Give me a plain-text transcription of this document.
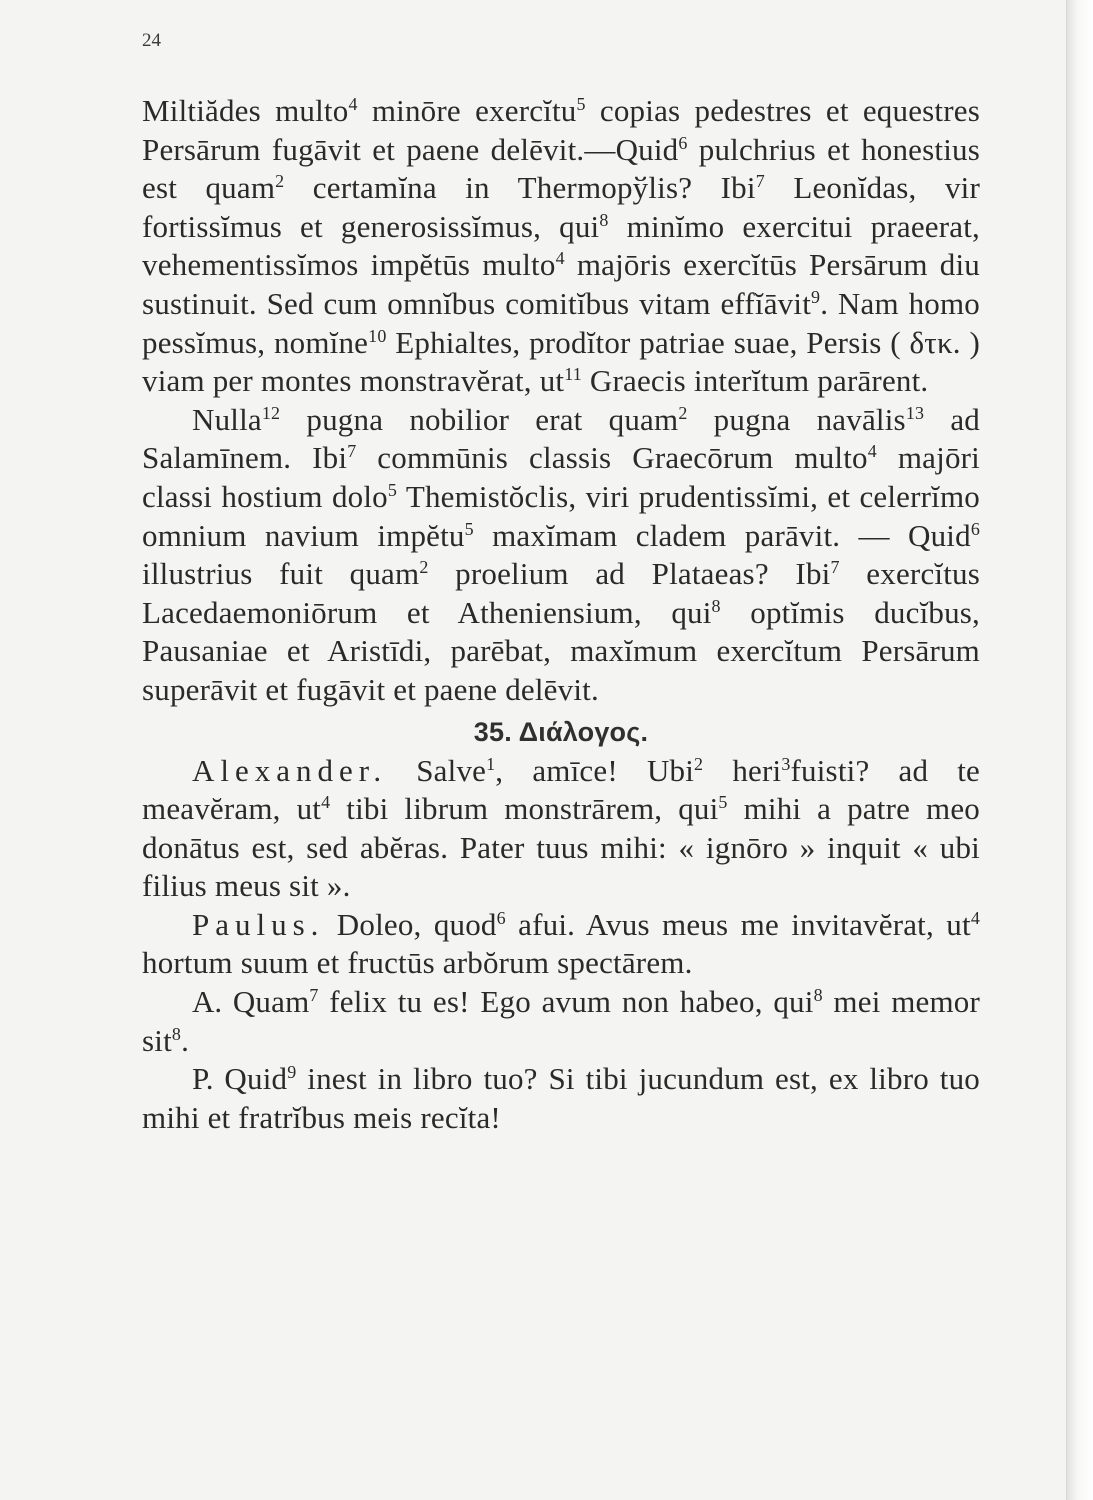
24

Miltiădes multo$^4$ minōre exercĭtu$^5$ copias pedestres et equestres Persārum fugāvit et paene delēvit.—Quid$^6$ pulchrius et honestius est quam$^2$ certamĭna in Thermopўlis? Ibi$^7$ Leonĭdas, vir fortissĭmus et generosissĭmus, qui$^8$ minĭmo exercitui praeerat, vehementissĭmos impĕtūs multo$^4$ majōris exercĭtūs Persārum diu sustinuit. Sed cum omnĭbus comitĭbus vitam effĭāvit$^9$. Nam homo pessĭmus, nomĭne$^{10}$ Ephialtes, prodĭtor patriae suae, Persis ( δτκ. ) viam per montes monstravĕrat, $ut^{11}$ Graecis interĭtum parārent.

Nulla$^{12}$ pugna nobilior erat quam$^2$ pugna navālis$^{13}$ ad Salamīnem. Ibi$^7$ commūnis classis Graecōrum multo$^4$ majōri classi hostium dolo$^5$ Themistŏclis, viri prudentissĭmi, et celerrĭmo omnium navium impĕtu$^5$ maxĭmam cladem parāvit. — Quid$^6$ illustrius fuit quam$^2$ proelium ad Plataeas? Ibi$^7$ exercĭtus Lacedaemoniōrum et Atheniensium, qui$^8$ optĭmis ducĭbus, Pausaniae et Aristīdi, parēbat, maxĭmum exercĭtum Persārum superāvit et fugāvit et paene delēvit.

35. Διάλογος.

Alexander. Salve$^1$, amīce! Ubi$^2$ heri$^3$fuisti? ad te meavĕram, $ut^4$ tibi librum monstrārem, qui$^5$ mihi a patre meo donātus est, sed abĕras. Pater tuus mihi: « ignōro » inquit « ubi filius meus sit ».

Paulus. Doleo, quod$^6$ afui. Avus meus me invitavĕrat, $ut^4$ hortum suum et fructūs arbŏrum spectārem.

A. Quam$^7$ felix tu es! Ego avum non habeo, qui$^8$ mei memor sit$^8$.

P. Quid$^9$ inest in libro tuo? Si tibi jucundum est, ex libro tuo mihi et fratrĭbus meis recĭta!
